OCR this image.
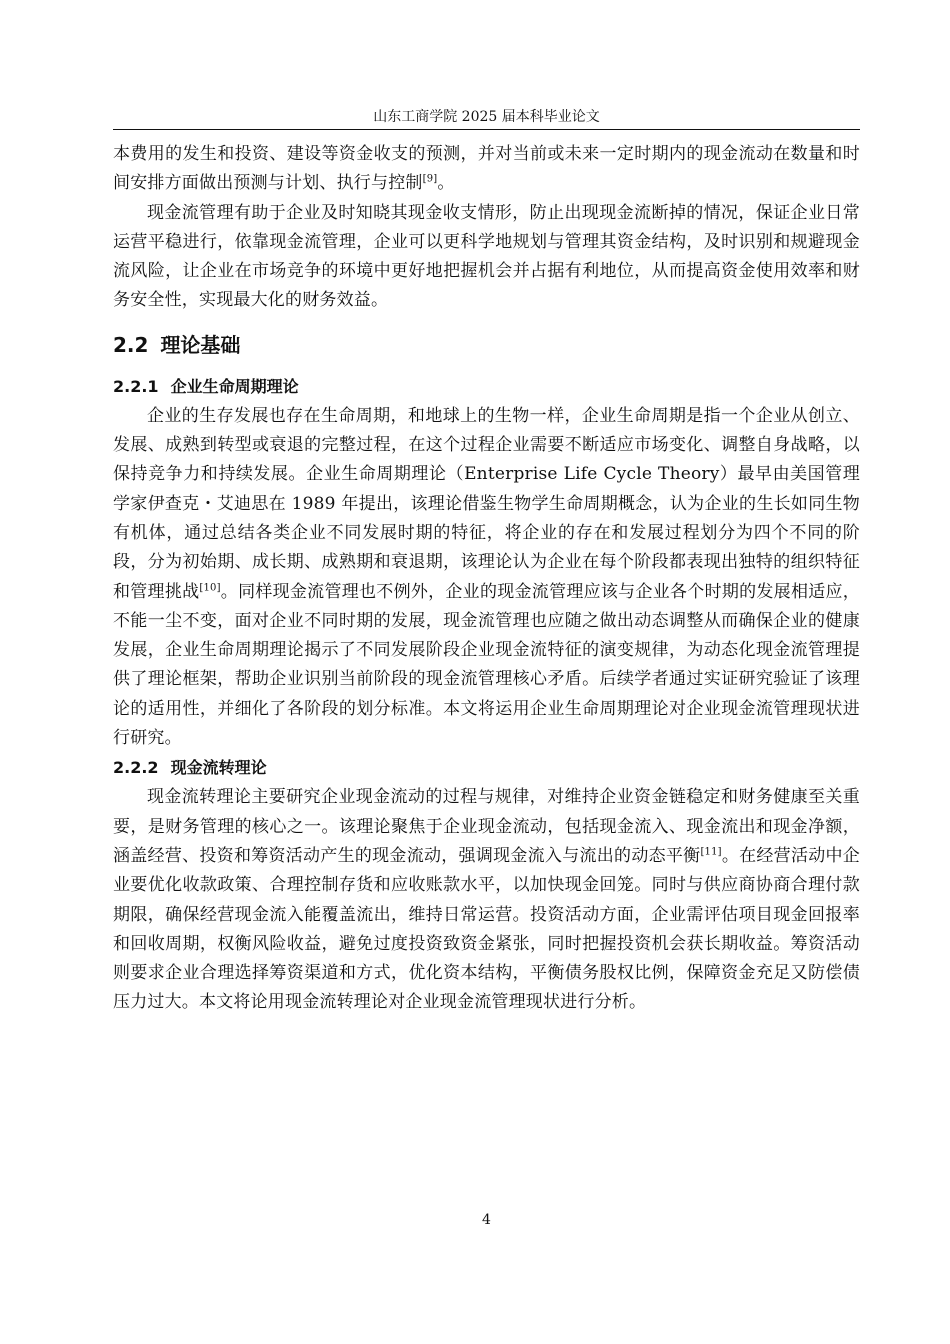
山东工商学院 2025 届本科毕业论文

本费用的发生和投资、建设等资金收支的预测，并对当前或未来一定时期内的现金流动在数量和时间安排方面做出预测与计划、执行与控制[9]。

现金流管理有助于企业及时知晓其现金收支情形，防止出现现金流断掉的情况，保证企业日常运营平稳进行，依靠现金流管理，企业可以更科学地规划与管理其资金结构，及时识别和规避现金流风险，让企业在市场竞争的环境中更好地把握机会并占据有利地位，从而提高资金使用效率和财务安全性，实现最大化的财务效益。

2.2 理论基础
2.2.1 企业生命周期理论

企业的生存发展也存在生命周期，和地球上的生物一样，企业生命周期是指一个企业从创立、发展、成熟到转型或衰退的完整过程，在这个过程企业需要不断适应市场变化、调整自身战略，以保持竞争力和持续发展。企业生命周期理论（Enterprise Life Cycle Theory）最早由美国管理学家伊查克・艾迪思在 1989 年提出，该理论借鉴生物学生命周期概念，认为企业的生长如同生物有机体，通过总结各类企业不同发展时期的特征，将企业的存在和发展过程划分为四个不同的阶段，分为初始期、成长期、成熟期和衰退期，该理论认为企业在每个阶段都表现出独特的组织特征和管理挑战[10]。同样现金流管理也不例外，企业的现金流管理应该与企业各个时期的发展相适应，不能一尘不变，面对企业不同时期的发展，现金流管理也应随之做出动态调整从而确保企业的健康发展，企业生命周期理论揭示了不同发展阶段企业现金流特征的演变规律，为动态化现金流管理提供了理论框架，帮助企业识别当前阶段的现金流管理核心矛盾。后续学者通过实证研究验证了该理论的适用性，并细化了各阶段的划分标准。本文将运用企业生命周期理论对企业现金流管理现状进行研究。

2.2.2 现金流转理论

现金流转理论主要研究企业现金流动的过程与规律，对维持企业资金链稳定和财务健康至关重要，是财务管理的核心之一。该理论聚焦于企业现金流动，包括现金流入、现金流出和现金净额，涵盖经营、投资和筹资活动产生的现金流动，强调现金流入与流出的动态平衡[11]。在经营活动中企业要优化收款政策、合理控制存货和应收账款水平，以加快现金回笼。同时与供应商协商合理付款期限，确保经营现金流入能覆盖流出，维持日常运营。投资活动方面，企业需评估项目现金回报率和回收周期，权衡风险收益，避免过度投资致资金紧张，同时把握投资机会获长期收益。筹资活动则要求企业合理选择筹资渠道和方式，优化资本结构，平衡债务股权比例，保障资金充足又防偿债压力过大。本文将论用现金流转理论对企业现金流管理现状进行分析。

4
